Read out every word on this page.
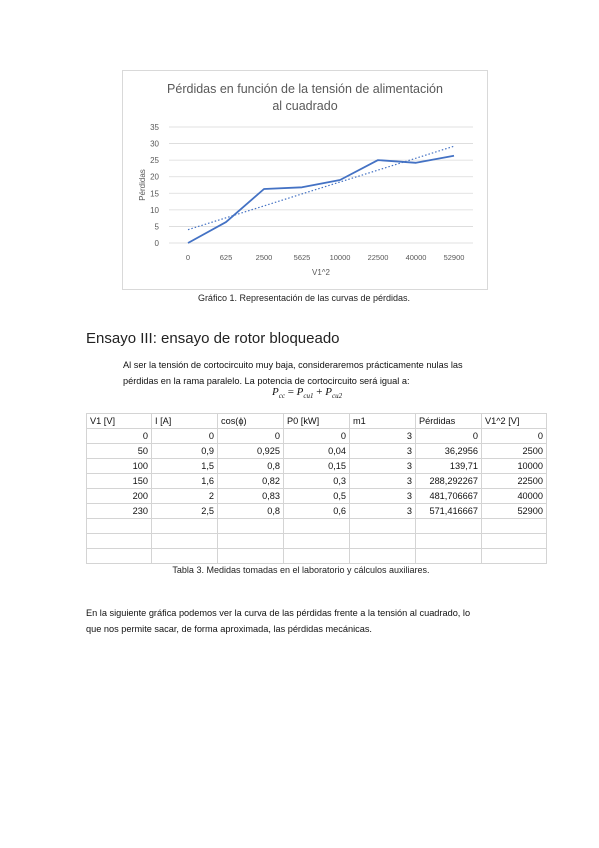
Pérdidas en función de la tensión de alimentación
al cuadrado
0
5
10
15
20
25
30
35
0	625	2500	5625	10000 22500 40000 52900
V1^2
Pérdidas
Gráfico 1. Representación de las curvas de pérdidas.
Ensayo III: ensayo de rotor bloqueado
Al ser la tensión de cortocircuito muy baja, consideraremos prácticamente nulas las
pérdidas en la rama paralelo. La potencia de cortocircuito será igual a:
$P_{cc} = P_{cu1} + P_{cu2}$
V1 [V]	I [A]	cos(ϕ)	P0 [kW]	m1	Pérdidas	V1^2 [V]
0	0	0	0	3	0	0
50	0,9	0,925	0,04	3	36,2956	2500
100	1,5	0,8	0,15	3	139,71	10000
150	1,6	0,82	0,3	3	288,292267	22500
200	2	0,83	0,5	3	481,706667	40000
230	2,5	0,8	0,6	3	571,416667	52900

Tabla 3. Medidas tomadas en el laboratorio y cálculos auxiliares.
En la siguiente gráfica podemos ver la curva de las pérdidas frente a la tensión al cuadrado, lo
que nos permite sacar, de forma aproximada, las pérdidas mecánicas.
